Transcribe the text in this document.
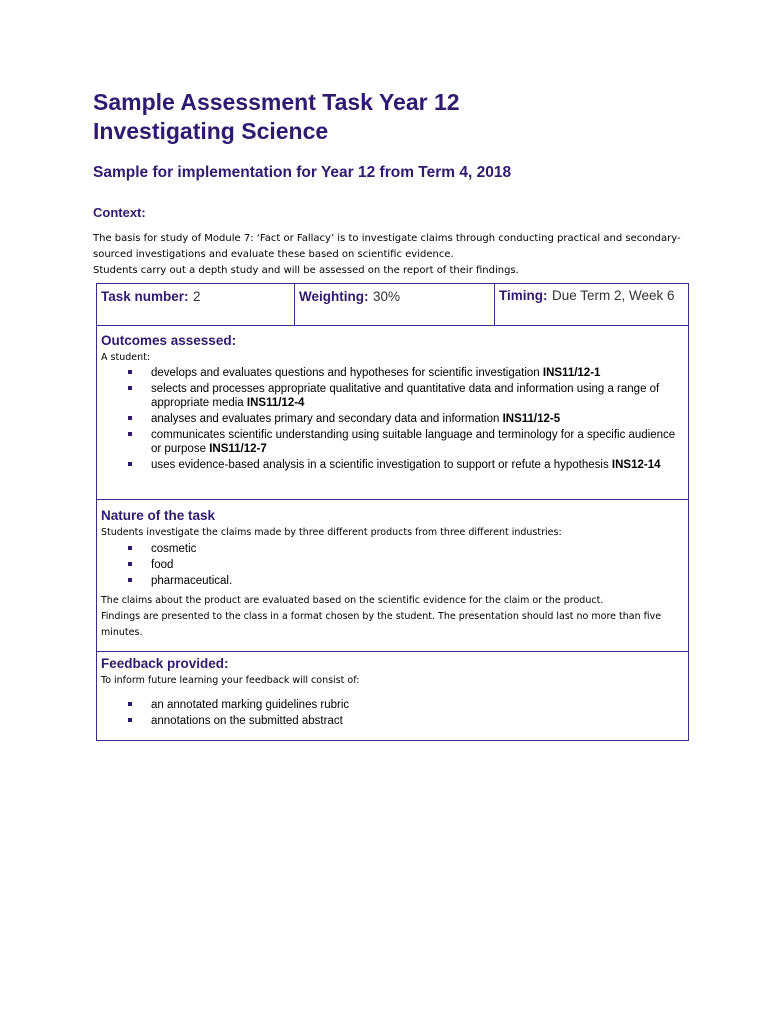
Sample Assessment Task Year 12
Investigating Science
Sample for implementation for Year 12 from Term 4, 2018
Context:

The basis for study of Module 7: ‘Fact or Fallacy’ is to investigate claims through conducting practical and secondary-sourced investigations and evaluate these based on scientific evidence.

Students carry out a depth study and will be assessed on the report of their findings.

Task number: 2	Weighting: 30%	Timing: Due Term 2, Week 6

Outcomes assessed:

A student:

develops and evaluates questions and hypotheses for scientific investigation INS11/12-1
selects and processes appropriate qualitative and quantitative data and information using a range of appropriate media INS11/12-4
analyses and evaluates primary and secondary data and information INS11/12-5
communicates scientific understanding using suitable language and terminology for a specific audience or purpose INS11/12-7
uses evidence-based analysis in a scientific investigation to support or refute a hypothesis INS12-14

Nature of the task

Students investigate the claims made by three different products from three different industries:

cosmetic
food
pharmaceutical.

The claims about the product are evaluated based on the scientific evidence for the claim or the product.

Findings are presented to the class in a format chosen by the student. The presentation should last no more than five minutes.

Feedback provided:

To inform future learning your feedback will consist of:

an annotated marking guidelines rubric
annotations on the submitted abstract
